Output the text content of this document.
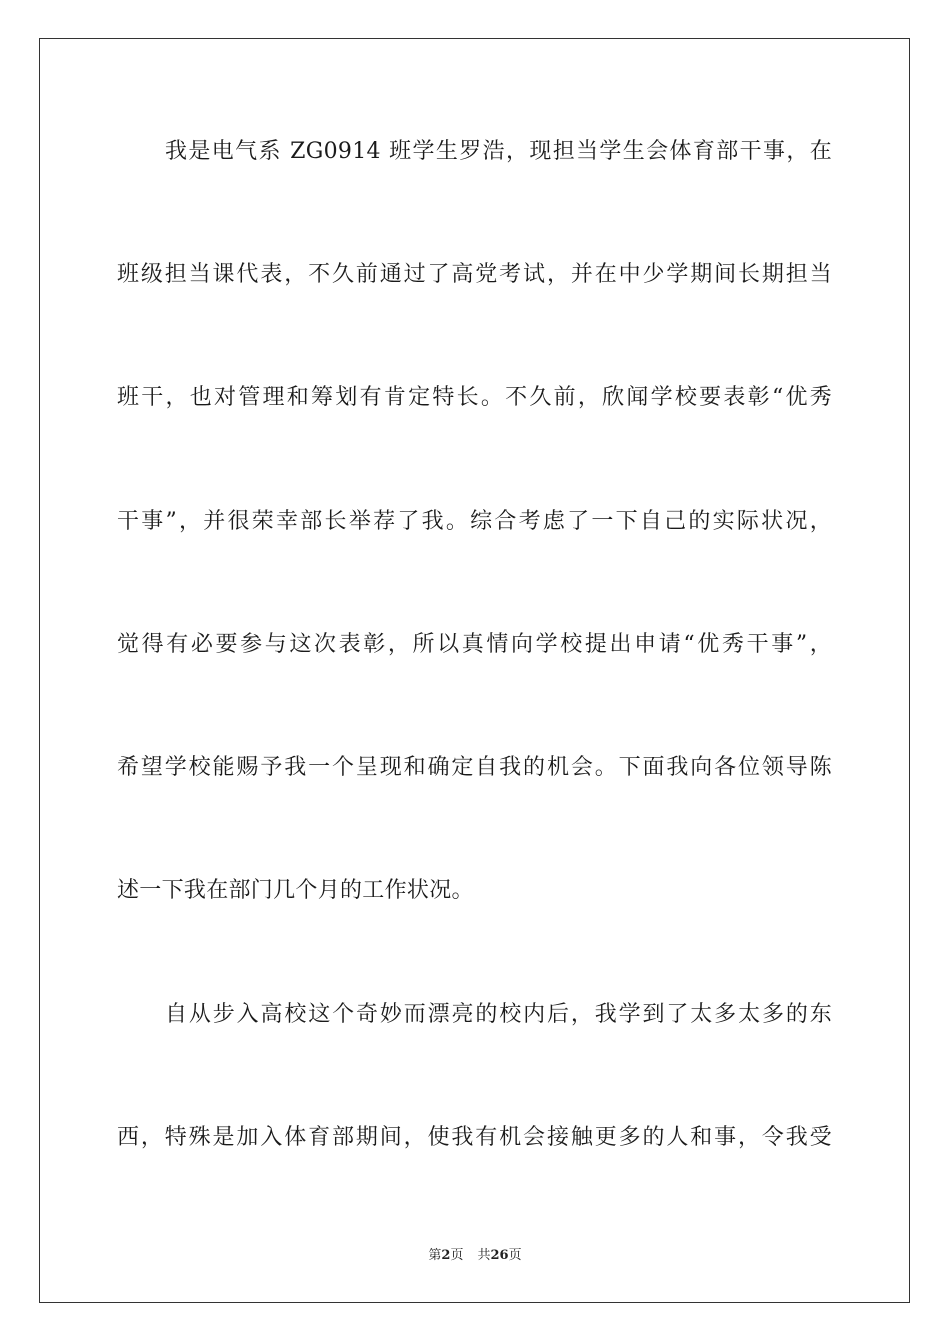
我是电气系 ZG0914 班学生罗浩，现担当学生会体育部干事，在
班级担当课代表，不久前通过了高党考试，并在中少学期间长期担当
班干，也对管理和筹划有肯定特长。不久前，欣闻学校要表彰“优秀
干事”，并很荣幸部长举荐了我。综合考虑了一下自己的实际状况，
觉得有必要参与这次表彰，所以真情向学校提出申请“优秀干事”，
希望学校能赐予我一个呈现和确定自我的机会。下面我向各位领导陈
述一下我在部门几个月的工作状况。
自从步入高校这个奇妙而漂亮的校内后，我学到了太多太多的东
西，特殊是加入体育部期间，使我有机会接触更多的人和事，令我受
第2页 共26页
